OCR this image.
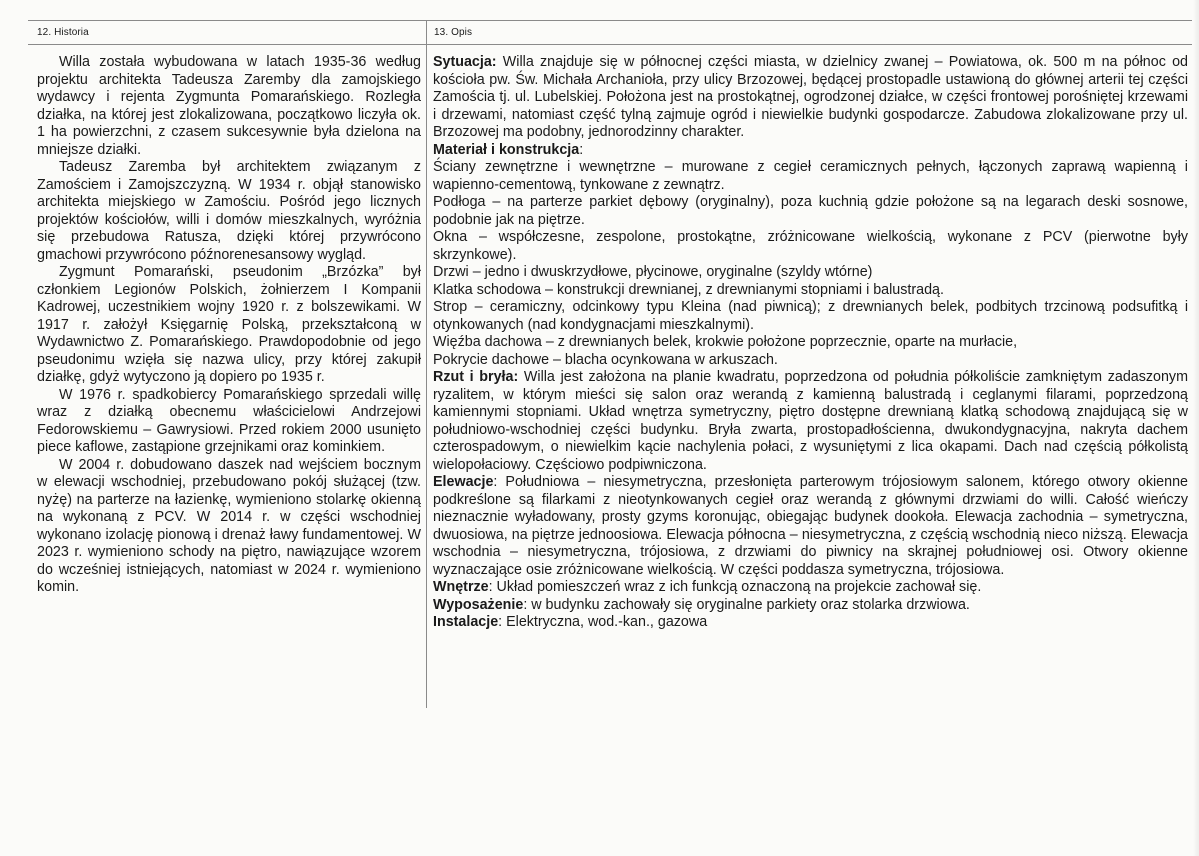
12. Historia	13. Opis

Willa została wybudowana w latach 1935-36 według projektu architekta Tadeusza Zaremby dla zamojskiego wydawcy i rejenta Zygmunta Pomarańskiego. Rozległa działka, na której jest zlokalizowana, początkowo liczyła ok. 1 ha powierzchni, z czasem sukcesywnie była dzielona na mniejsze działki.

Tadeusz Zaremba był architektem związanym z Zamościem i Zamojszczyzną. W 1934 r. objął stanowisko architekta miejskiego w Zamościu. Pośród jego licznych projektów kościołów, willi i domów mieszkalnych, wyróżnia się przebudowa Ratusza, dzięki której przywrócono gmachowi przywrócono późnorenesansowy wygląd.

Zygmunt Pomarański, pseudonim „Brzózka” był członkiem Legionów Polskich, żołnierzem I Kompanii Kadrowej, uczestnikiem wojny 1920 r. z bolszewikami. W 1917 r. założył Księgarnię Polską, przekształconą w Wydawnictwo Z. Pomarańskiego. Prawdopodobnie od jego pseudonimu wzięła się nazwa ulicy, przy której zakupił działkę, gdyż wytyczono ją dopiero po 1935 r.

W 1976 r. spadkobiercy Pomarańskiego sprzedali willę wraz z działką obecnemu właścicielowi Andrzejowi Fedorowskiemu – Gawrysiowi. Przed rokiem 2000 usunięto piece kaflowe, zastąpione grzejnikami oraz kominkiem.

W 2004 r. dobudowano daszek nad wejściem bocznym w elewacji wschodniej, przebudowano pokój służącej (tzw. nyżę) na parterze na łazienkę, wymieniono stolarkę okienną na wykonaną z PCV. W 2014 r. w części wschodniej wykonano izolację pionową i drenaż ławy fundamentowej. W 2023 r. wymieniono schody na piętro, nawiązujące wzorem do wcześniej istniejących, natomiast w 2024 r. wymieniono komin.

Sytuacja: Willa znajduje się w północnej części miasta, w dzielnicy zwanej – Powiatowa, ok. 500 m na północ od kościoła pw. Św. Michała Archanioła, przy ulicy Brzozowej, będącej prostopadle ustawioną do głównej arterii tej części Zamościa tj. ul. Lubelskiej. Położona jest na prostokątnej, ogrodzonej działce, w części frontowej porośniętej krzewami i drzewami, natomiast część tylną zajmuje ogród i niewielkie budynki gospodarcze. Zabudowa zlokalizowane przy ul. Brzozowej ma podobny, jednorodzinny charakter.

Materiał i konstrukcja:

Ściany zewnętrzne i wewnętrzne – murowane z cegieł ceramicznych pełnych, łączonych zaprawą wapienną i wapienno-cementową, tynkowane z zewnątrz.

Podłoga – na parterze parkiet dębowy (oryginalny), poza kuchnią gdzie położone są na legarach deski sosnowe, podobnie jak na piętrze.

Okna – współczesne, zespolone, prostokątne, zróżnicowane wielkością, wykonane z PCV (pierwotne były skrzynkowe).

Drzwi – jedno i dwuskrzydłowe, płycinowe, oryginalne (szyldy wtórne)

Klatka schodowa – konstrukcji drewnianej, z drewnianymi stopniami i balustradą.

Strop – ceramiczny, odcinkowy typu Kleina (nad piwnicą); z drewnianych belek, podbitych trzcinową podsufitką i otynkowanych (nad kondygnacjami mieszkalnymi).

Więźba dachowa – z drewnianych belek, krokwie położone poprzecznie, oparte na murłacie,

Pokrycie dachowe – blacha ocynkowana w arkuszach.

Rzut i bryła: Willa jest założona na planie kwadratu, poprzedzona od południa półkoliście zamkniętym zadaszonym ryzalitem, w którym mieści się salon oraz werandą z kamienną balustradą i ceglanymi filarami, poprzedzoną kamiennymi stopniami. Układ wnętrza symetryczny, piętro dostępne drewnianą klatką schodową znajdującą się w południowo-wschodniej części budynku. Bryła zwarta, prostopadłościenna, dwukondygnacyjna, nakryta dachem czterospadowym, o niewielkim kącie nachylenia połaci, z wysuniętymi z lica okapami. Dach nad częścią półkolistą wielopołaciowy. Częściowo podpiwniczona.

Elewacje: Południowa – niesymetryczna, przesłonięta parterowym trójosiowym salonem, którego otwory okienne podkreślone są filarkami z nieotynkowanych cegieł oraz werandą z głównymi drzwiami do willi. Całość wieńczy nieznacznie wyładowany, prosty gzyms koronując, obiegając budynek dookoła. Elewacja zachodnia – symetryczna, dwuosiowa, na piętrze jednoosiowa. Elewacja północna – niesymetryczna, z częścią wschodnią nieco niższą. Elewacja wschodnia – niesymetryczna, trójosiowa, z drzwiami do piwnicy na skrajnej południowej osi. Otwory okienne wyznaczające osie zróżnicowane wielkością. W części poddasza symetryczna, trójosiowa.

Wnętrze: Układ pomieszczeń wraz z ich funkcją oznaczoną na projekcie zachował się.

Wyposażenie: w budynku zachowały się oryginalne parkiety oraz stolarka drzwiowa.

Instalacje: Elektryczna, wod.-kan., gazowa
